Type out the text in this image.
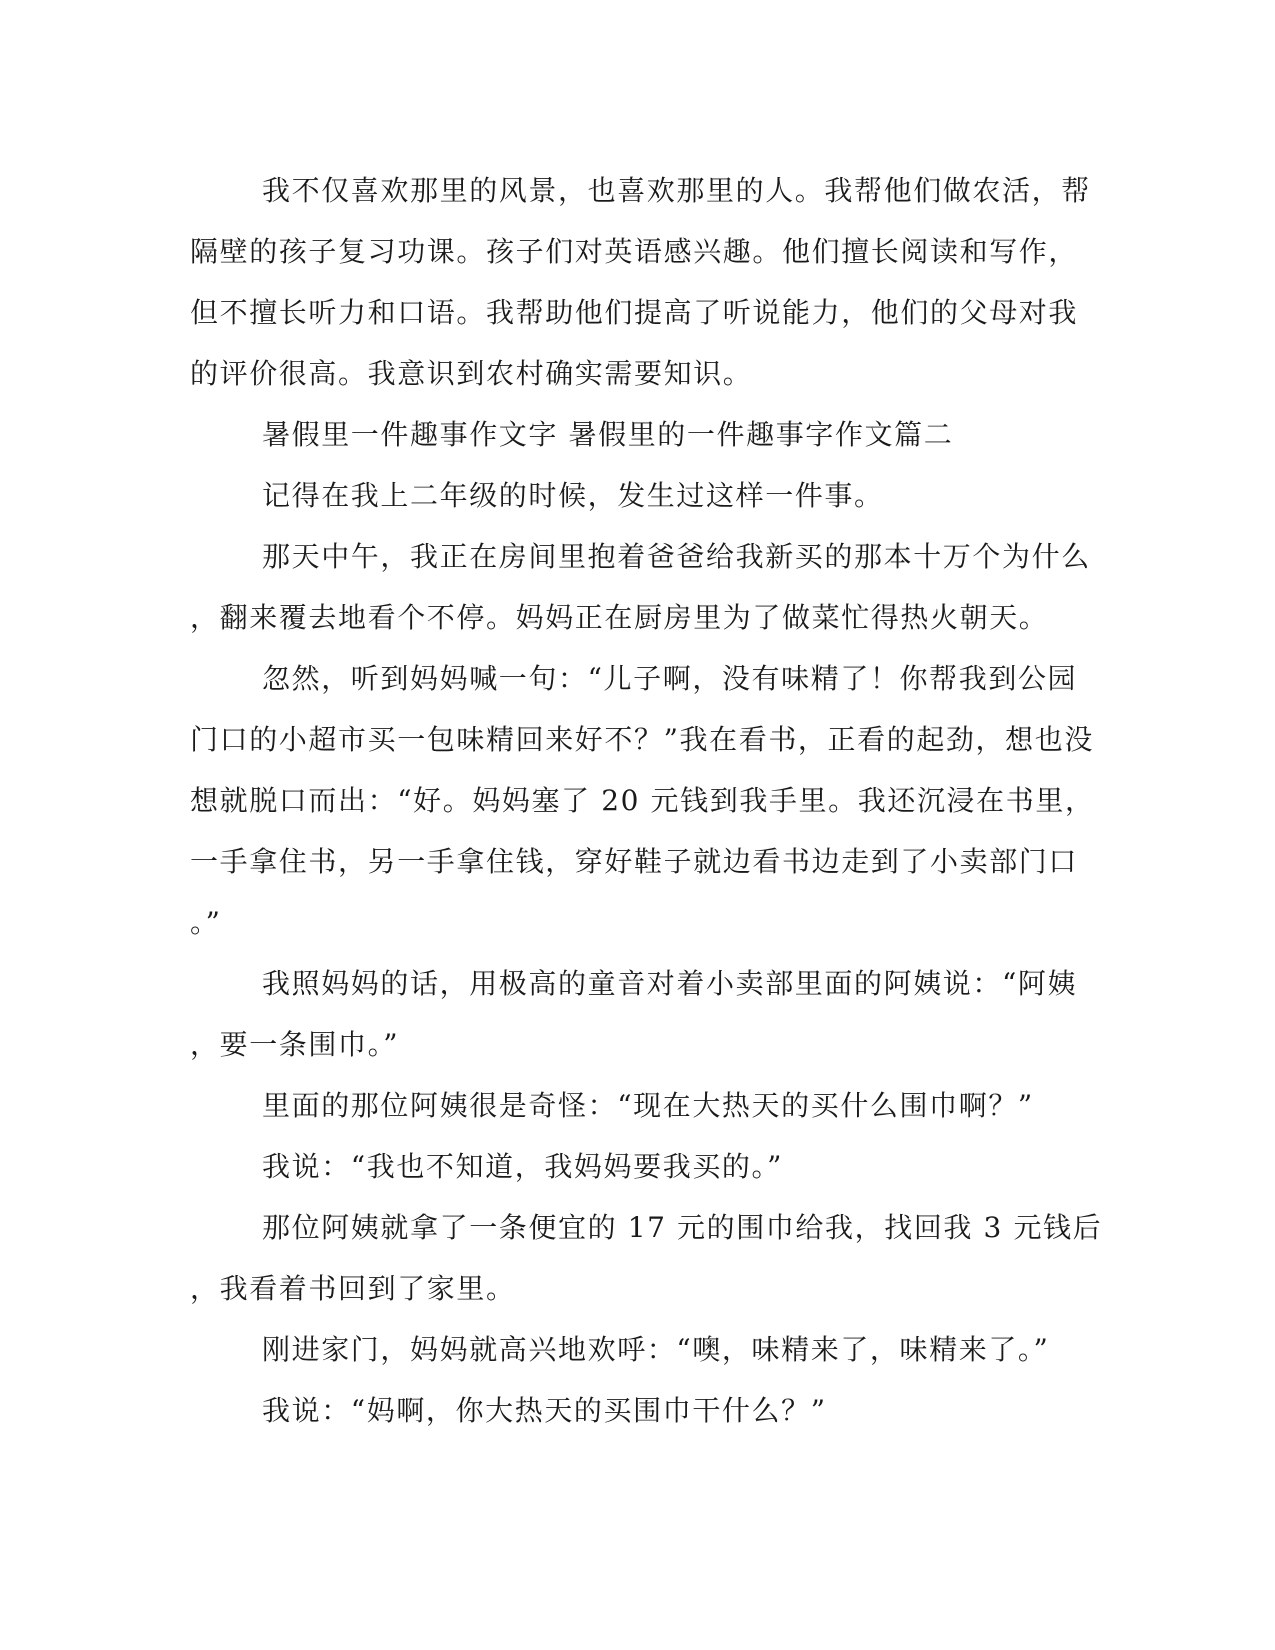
我不仅喜欢那里的风景，也喜欢那里的人。我帮他们做农活，帮

隔壁的孩子复习功课。孩子们对英语感兴趣。他们擅长阅读和写作，

但不擅长听力和口语。我帮助他们提高了听说能力，他们的父母对我

的评价很高。我意识到农村确实需要知识。

暑假里一件趣事作文字 暑假里的一件趣事字作文篇二

记得在我上二年级的时候，发生过这样一件事。

那天中午，我正在房间里抱着爸爸给我新买的那本十万个为什么

，翻来覆去地看个不停。妈妈正在厨房里为了做菜忙得热火朝天。

忽然，听到妈妈喊一句：“儿子啊，没有味精了！你帮我到公园

门口的小超市买一包味精回来好不？”我在看书，正看的起劲，想也没

想就脱口而出：“好。妈妈塞了 20 元钱到我手里。我还沉浸在书里，

一手拿住书，另一手拿住钱，穿好鞋子就边看书边走到了小卖部门口

。”

我照妈妈的话，用极高的童音对着小卖部里面的阿姨说：“阿姨

，要一条围巾。”

里面的那位阿姨很是奇怪：“现在大热天的买什么围巾啊？”

我说：“我也不知道，我妈妈要我买的。”

那位阿姨就拿了一条便宜的 17 元的围巾给我，找回我 3 元钱后

，我看着书回到了家里。

刚进家门，妈妈就高兴地欢呼：“噢，味精来了，味精来了。”

我说：“妈啊，你大热天的买围巾干什么？”
